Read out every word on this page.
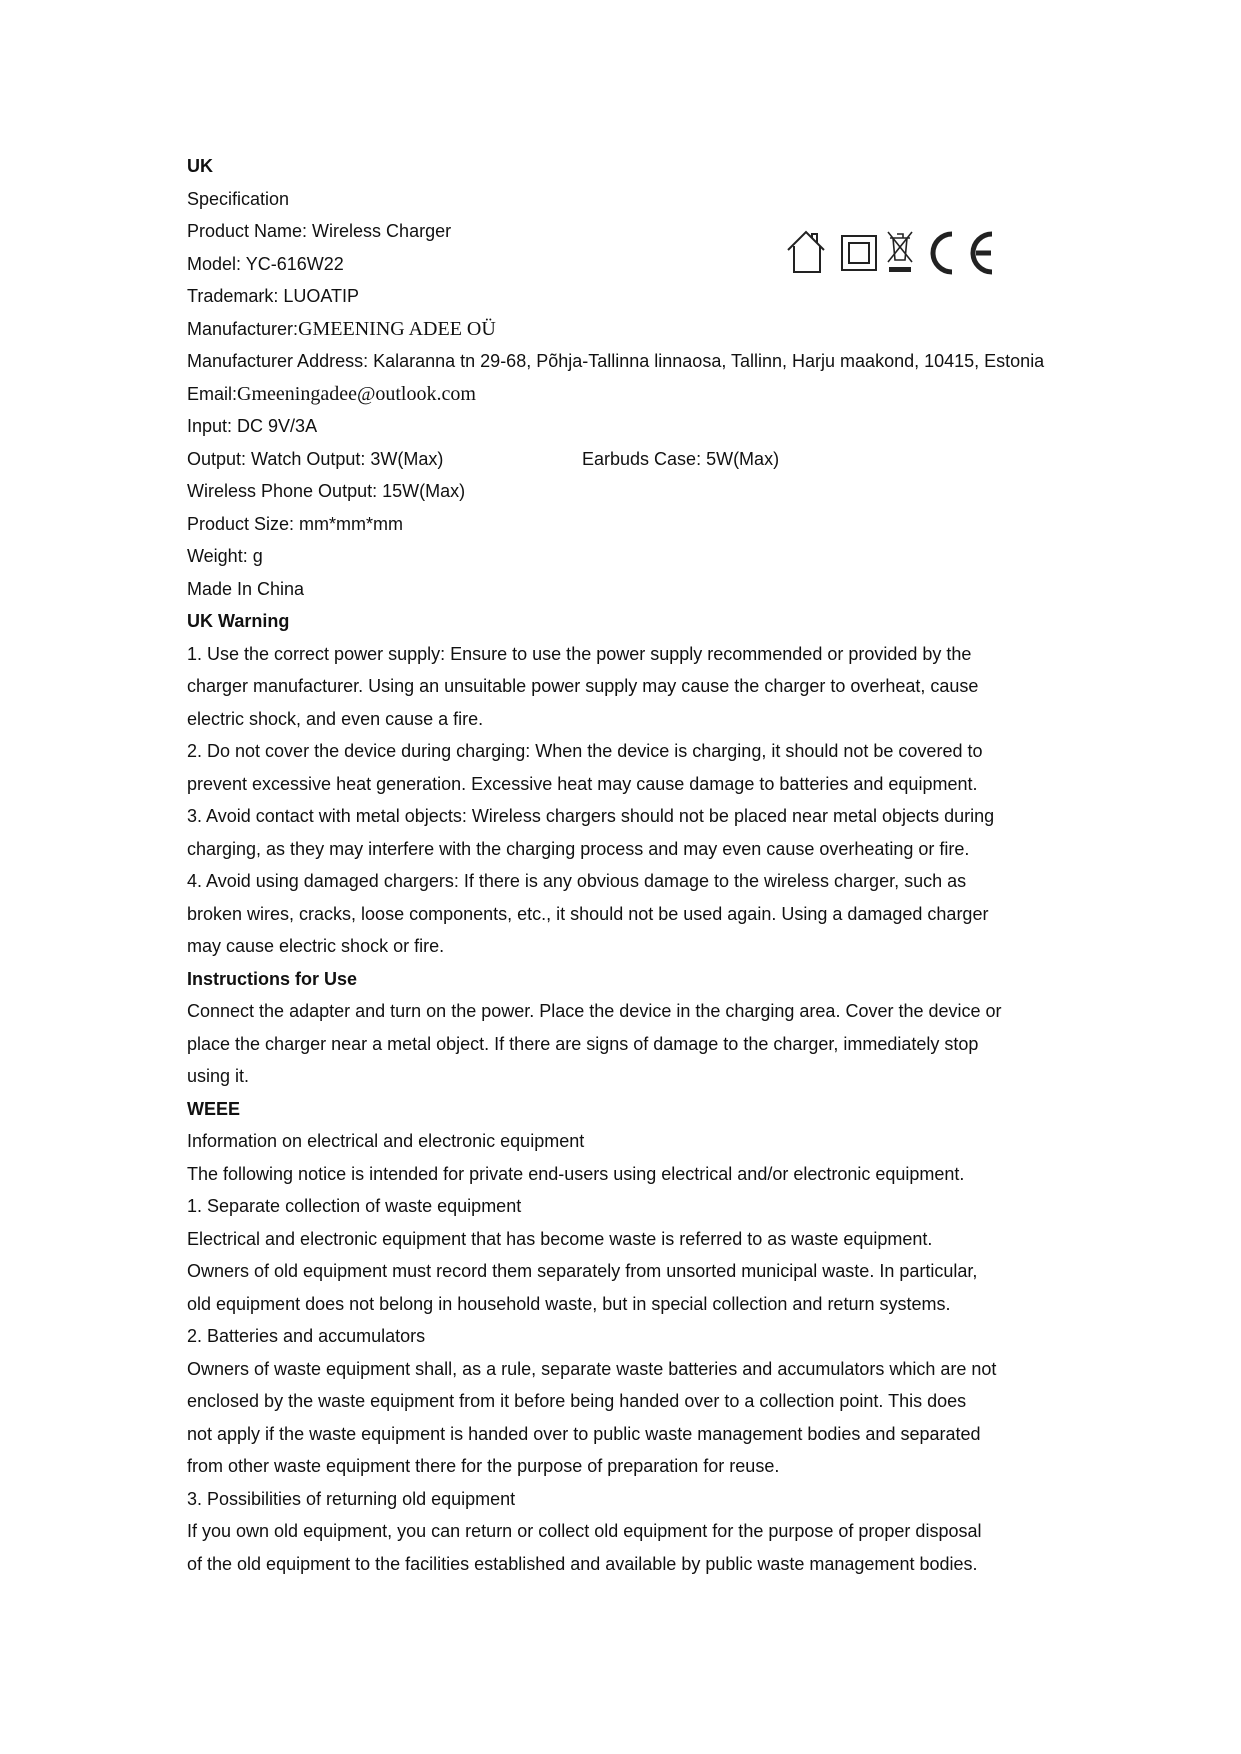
UK
Specification
Product Name: Wireless Charger
Model: YC-616W22
Trademark: LUOATIP
Manufacturer:GMEENING ADEE OÜ
Manufacturer Address: Kalaranna tn 29-68, Põhja-Tallinna linnaosa, Tallinn, Harju maakond, 10415, Estonia
Email:Gmeeningadee@outlook.com
Input: DC 9V/3A
Output: Watch Output: 3W(Max)	Earbuds Case: 5W(Max)
Wireless Phone Output: 15W(Max)
Product Size: mm*mm*mm
Weight: g
Made In China
UK Warning
1. Use the correct power supply: Ensure to use the power supply recommended or provided by the
charger manufacturer. Using an unsuitable power supply may cause the charger to overheat, cause
electric shock, and even cause a fire.
2. Do not cover the device during charging: When the device is charging, it should not be covered to
prevent excessive heat generation. Excessive heat may cause damage to batteries and equipment.
3. Avoid contact with metal objects: Wireless chargers should not be placed near metal objects during
charging, as they may interfere with the charging process and may even cause overheating or fire.
4. Avoid using damaged chargers: If there is any obvious damage to the wireless charger, such as
broken wires, cracks, loose components, etc., it should not be used again. Using a damaged charger
may cause electric shock or fire.
Instructions for Use
Connect the adapter and turn on the power. Place the device in the charging area. Cover the device or
place the charger near a metal object. If there are signs of damage to the charger, immediately stop
using it.
WEEE
Information on electrical and electronic equipment
The following notice is intended for private end-users using electrical and/or electronic equipment.
1. Separate collection of waste equipment
Electrical and electronic equipment that has become waste is referred to as waste equipment.
Owners of old equipment must record them separately from unsorted municipal waste. In particular,
old equipment does not belong in household waste, but in special collection and return systems.
2. Batteries and accumulators
Owners of waste equipment shall, as a rule, separate waste batteries and accumulators which are not
enclosed by the waste equipment from it before being handed over to a collection point. This does
not apply if the waste equipment is handed over to public waste management bodies and separated
from other waste equipment there for the purpose of preparation for reuse.
3. Possibilities of returning old equipment
If you own old equipment, you can return or collect old equipment for the purpose of proper disposal
of the old equipment to the facilities established and available by public waste management bodies.
